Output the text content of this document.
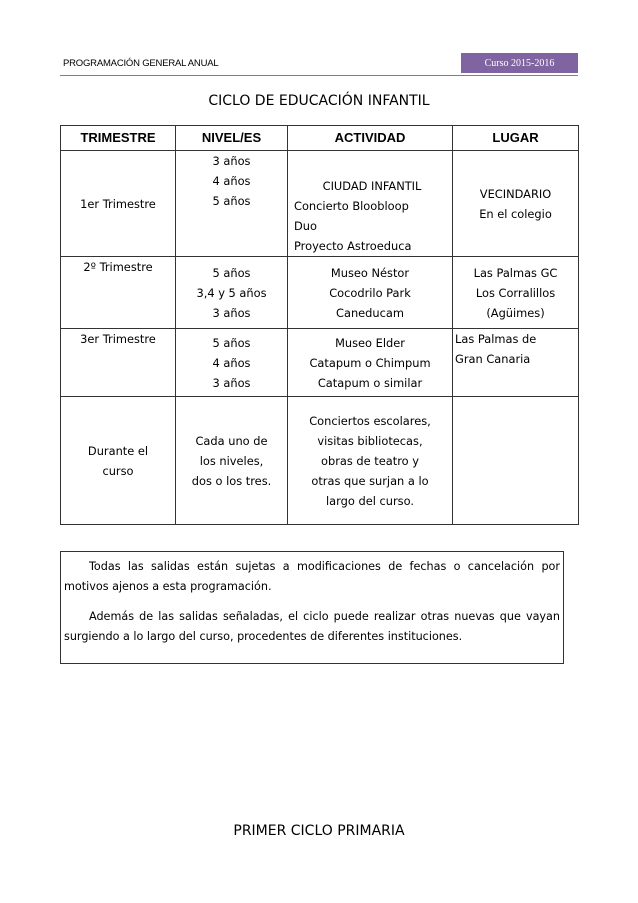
PROGRAMACIÓN GENERAL ANUAL	Curso 2015-2016
CICLO DE EDUCACIÓN INFANTIL
TRIMESTRE	NIVEL/ES	ACTIVIDAD	LUGAR

1er Trimestre	3 años
4 años
5 años	CIUDAD INFANTIL
Concierto Bloobloop
Duo
Proyecto Astroeduca	VECINDARIO
En el colegio

2º Trimestre	5 años
3,4 y 5 años
3 años	Museo Néstor
Cocodrilo Park
Caneducam	Las Palmas GC
Los Corralillos
(Agüimes)

3er Trimestre	5 años
4 años
3 años	Museo Elder
Catapum o Chimpum
Catapum o similar	Las Palmas de
Gran Canaria

Durante el
curso	Cada uno de
los niveles,
dos o los tres.	Conciertos escolares,
visitas bibliotecas,
obras de teatro y
otras que surjan a lo
largo del curso.	

Todas las salidas están sujetas a modificaciones de fechas o cancelación por motivos ajenos a esta programación.

Además de las salidas señaladas, el ciclo puede realizar otras nuevas que vayan surgiendo a lo largo del curso, procedentes de diferentes instituciones.

PRIMER CICLO PRIMARIA
